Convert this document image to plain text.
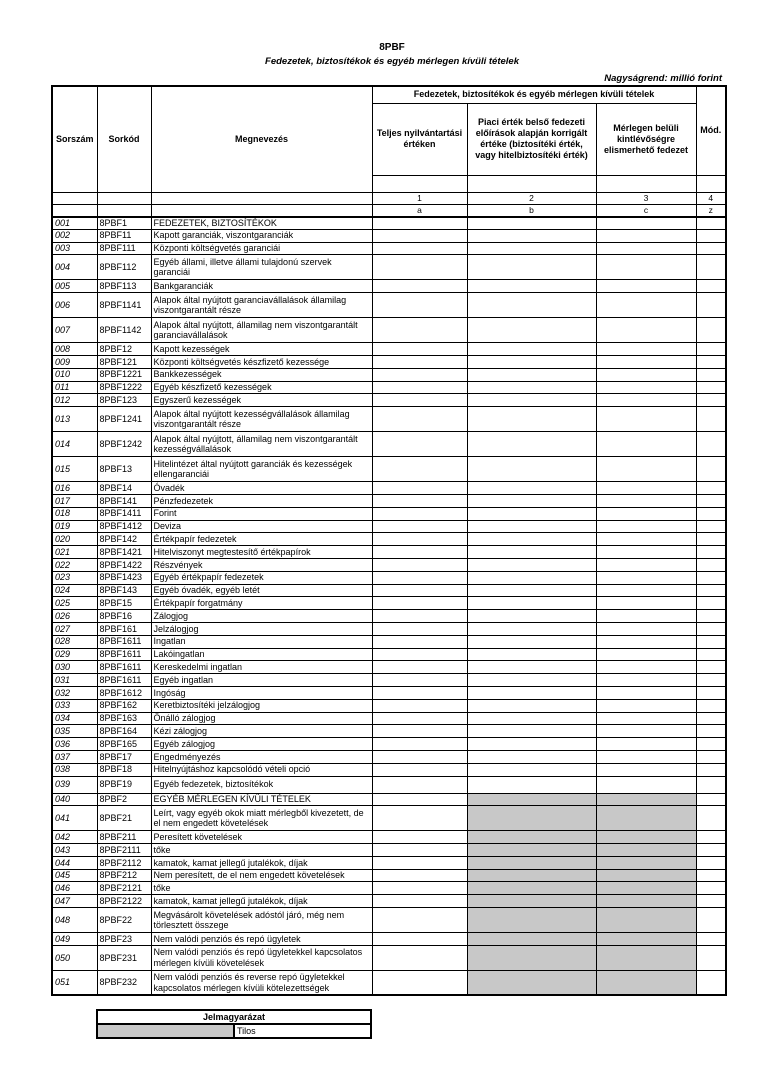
8PBF
Fedezetek, biztosítékok és egyéb mérlegen kívüli tételek
Nagyságrend: millió forint
Sorszám	Sorkód	Megnevezés	Fedezetek, biztosítékok és egyéb mérlegen kívüli tételek			Mód.
			Teljes nyilvántartási értéken	Piaci érték belső fedezeti előírások alapján korrigált értéke (biztosítéki érték, vagy hitelbiztosítéki érték)	Mérlegen belüli kintlévőségre elismerhető fedezet	

			1	2	3	4
			a	b	c	z
001	8PBF1	FEDEZETEK, BIZTOSÍTÉKOK				
002	8PBF11	Kapott garanciák, viszontgaranciák				
003	8PBF111	Központi költségvetés garanciái				
004	8PBF112	Egyéb állami, illetve állami tulajdonú szervek garanciái				
005	8PBF113	Bankgaranciák				
006	8PBF1141	Alapok által nyújtott garanciavállalások államilag viszontgarantált része				
007	8PBF1142	Alapok által nyújtott, államilag nem viszontgarantált garanciavállalások				
008	8PBF12	Kapott kezességek				
009	8PBF121	Központi költségvetés készfizető kezessége				
010	8PBF1221	Bankkezességek				
011	8PBF1222	Egyéb készfizető kezességek				
012	8PBF123	Egyszerű kezességek				
013	8PBF1241	Alapok által nyújtott kezességvállalások államilag viszontgarantált része				
014	8PBF1242	Alapok által nyújtott, államilag nem viszontgarantált kezességvállalások				
015	8PBF13	Hitelintézet által nyújtott garanciák és kezességek ellengaranciái				
016	8PBF14	Óvadék				
017	8PBF141	Pénzfedezetek				
018	8PBF1411	Forint				
019	8PBF1412	Deviza				
020	8PBF142	Értékpapír fedezetek				
021	8PBF1421	Hitelviszonyt megtestesítő értékpapírok				
022	8PBF1422	Részvények				
023	8PBF1423	Egyéb értékpapír fedezetek				
024	8PBF143	Egyéb óvadék, egyéb letét				
025	8PBF15	Értékpapír forgatmány				
026	8PBF16	Zálogjog				
027	8PBF161	Jelzálogjog				
028	8PBF1611	Ingatlan				
029	8PBF1611	Lakóingatlan				
030	8PBF1611	Kereskedelmi ingatlan				
031	8PBF1611	Egyéb ingatlan				
032	8PBF1612	Ingóság				
033	8PBF162	Keretbiztosítéki jelzálogjog				
034	8PBF163	Önálló zálogjog				
035	8PBF164	Kézi zálogjog				
036	8PBF165	Egyéb zálogjog				
037	8PBF17	Engedményezés				
038	8PBF18	Hitelnyújtáshoz kapcsolódó vételi opció				
039	8PBF19	Egyéb fedezetek, biztosítékok				
040	8PBF2	EGYÉB MÉRLEGEN KÍVÜLI TÉTELEK				
041	8PBF21	Leírt, vagy egyéb okok miatt mérlegből kivezetett, de el nem engedett követelések				
042	8PBF211	Peresített követelések				
043	8PBF2111	tőke				
044	8PBF2112	kamatok, kamat jellegű jutalékok, díjak				
045	8PBF212	Nem peresített, de el nem engedett követelések				
046	8PBF2121	tőke				
047	8PBF2122	kamatok, kamat jellegű jutalékok, díjak				
048	8PBF22	Megvásárolt követelések adóstól járó, még nem törlesztett összege				
049	8PBF23	Nem valódi penziós és repó ügyletek				
050	8PBF231	Nem valódi penziós és repó ügyletekkel kapcsolatos mérlegen kívüli követelések				
051	8PBF232	Nem valódi penziós és reverse repó ügyletekkel kapcsolatos mérlegen kívüli kötelezettségek				
Jelmagyarázat
	Tilos
